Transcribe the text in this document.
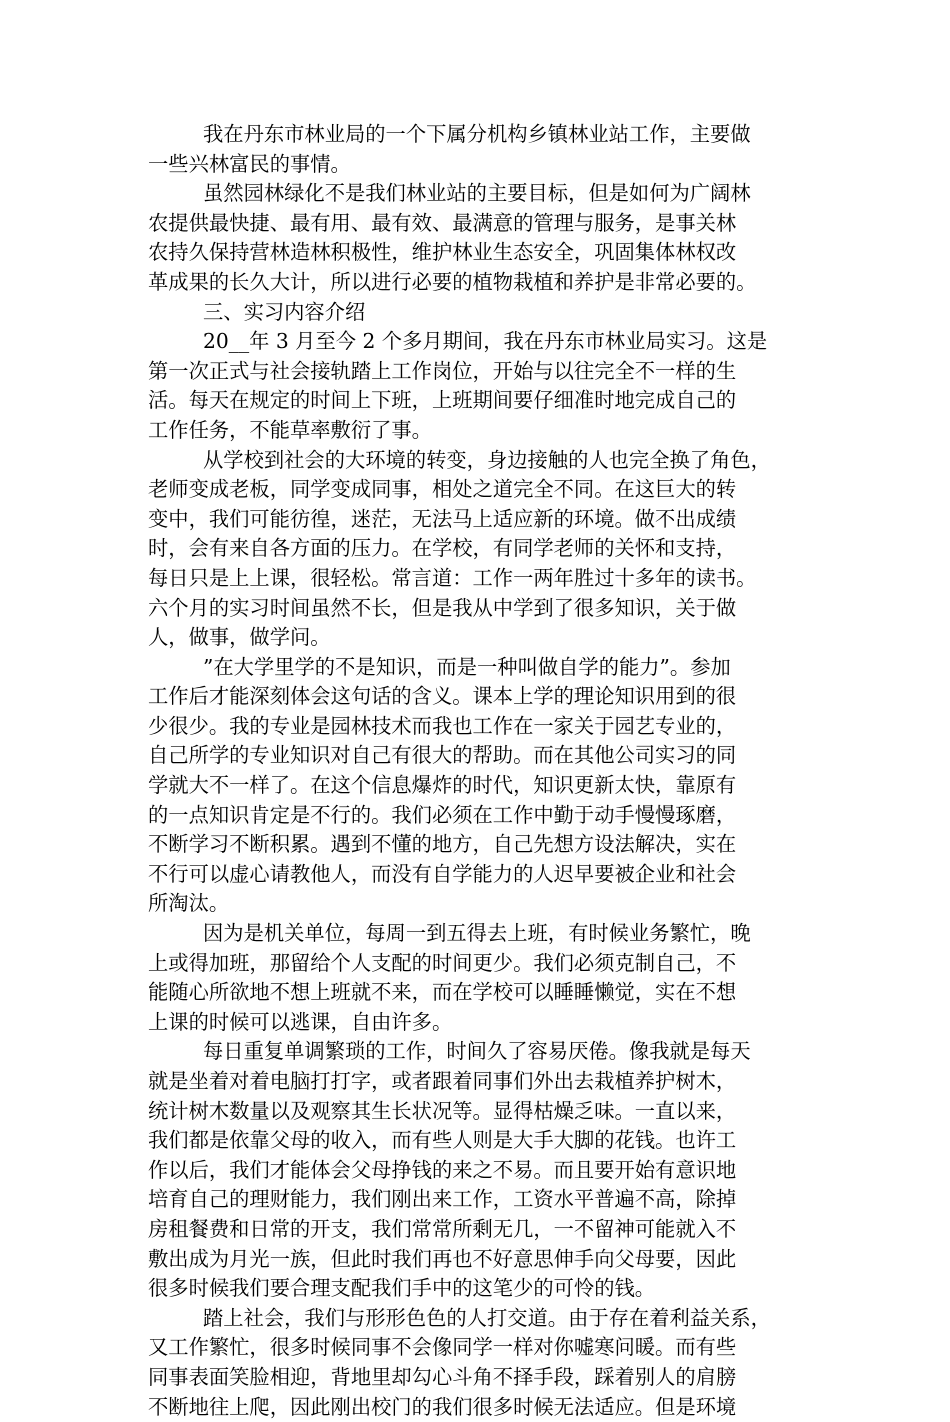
我在丹东市林业局的一个下属分机构乡镇林业站工作，主要做
一些兴林富民的事情。
虽然园林绿化不是我们林业站的主要目标，但是如何为广阔林
农提供最快捷、最有用、最有效、最满意的管理与服务，是事关林
农持久保持营林造林积极性，维护林业生态安全，巩固集体林权改
革成果的长久大计，所以进行必要的植物栽植和养护是非常必要的。
三、实习内容介绍
20__年 3 月至今 2 个多月期间，我在丹东市林业局实习。这是
第一次正式与社会接轨踏上工作岗位，开始与以往完全不一样的生
活。每天在规定的时间上下班，上班期间要仔细准时地完成自己的
工作任务，不能草率敷衍了事。
从学校到社会的大环境的转变，身边接触的人也完全换了角色，
老师变成老板，同学变成同事，相处之道完全不同。在这巨大的转
变中，我们可能彷徨，迷茫，无法马上适应新的环境。做不出成绩
时，会有来自各方面的压力。在学校，有同学老师的关怀和支持，
每日只是上上课，很轻松。常言道：工作一两年胜过十多年的读书。
六个月的实习时间虽然不长，但是我从中学到了很多知识，关于做
人，做事，做学问。
”在大学里学的不是知识，而是一种叫做自学的能力”。参加
工作后才能深刻体会这句话的含义。课本上学的理论知识用到的很
少很少。我的专业是园林技术而我也工作在一家关于园艺专业的，
自己所学的专业知识对自己有很大的帮助。而在其他公司实习的同
学就大不一样了。在这个信息爆炸的时代，知识更新太快，靠原有
的一点知识肯定是不行的。我们必须在工作中勤于动手慢慢琢磨，
不断学习不断积累。遇到不懂的地方，自己先想方设法解决，实在
不行可以虚心请教他人，而没有自学能力的人迟早要被企业和社会
所淘汰。
因为是机关单位，每周一到五得去上班，有时候业务繁忙，晚
上或得加班，那留给个人支配的时间更少。我们必须克制自己，不
能随心所欲地不想上班就不来，而在学校可以睡睡懒觉，实在不想
上课的时候可以逃课，自由许多。
每日重复单调繁琐的工作，时间久了容易厌倦。像我就是每天
就是坐着对着电脑打打字，或者跟着同事们外出去栽植养护树木，
统计树木数量以及观察其生长状况等。显得枯燥乏味。一直以来，
我们都是依靠父母的收入，而有些人则是大手大脚的花钱。也许工
作以后，我们才能体会父母挣钱的来之不易。而且要开始有意识地
培育自己的理财能力，我们刚出来工作，工资水平普遍不高，除掉
房租餐费和日常的开支，我们常常所剩无几，一不留神可能就入不
敷出成为月光一族，但此时我们再也不好意思伸手向父母要，因此
很多时候我们要合理支配我们手中的这笔少的可怜的钱。
踏上社会，我们与形形色色的人打交道。由于存在着利益关系，
又工作繁忙，很多时候同事不会像同学一样对你嘘寒问暖。而有些
同事表面笑脸相迎，背地里却勾心斗角不择手段，踩着别人的肩膀
不断地往上爬，因此刚出校门的我们很多时候无法适应。但是环境
